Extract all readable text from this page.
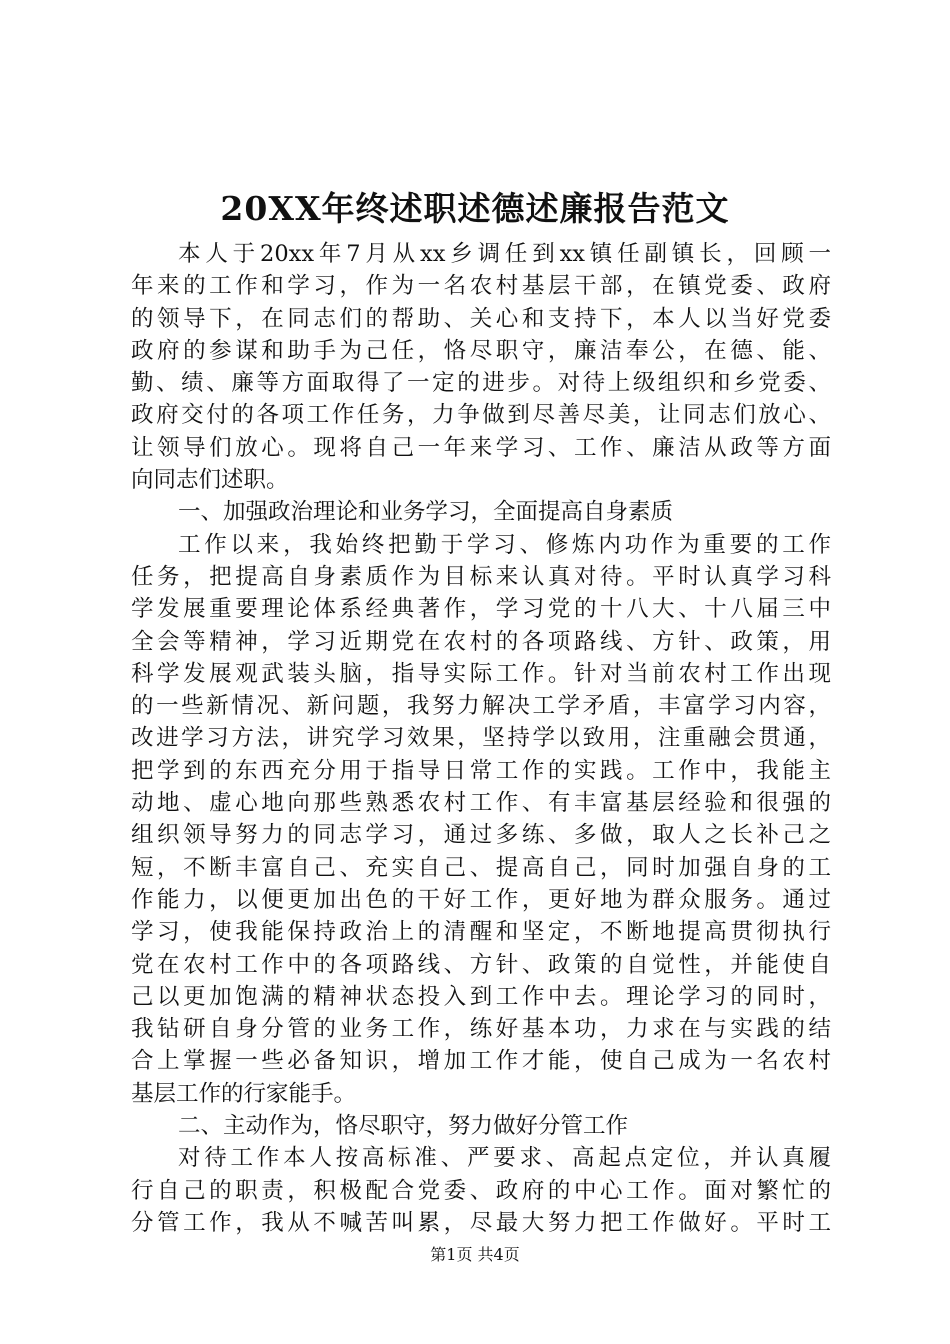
20XX年终述职述德述廉报告范文
本人于20xx年7月从xx乡调任到xx镇任副镇长，回顾一
年来的工作和学习，作为一名农村基层干部，在镇党委、政府
的领导下，在同志们的帮助、关心和支持下，本人以当好党委
政府的参谋和助手为己任，恪尽职守，廉洁奉公，在德、能、
勤、绩、廉等方面取得了一定的进步。对待上级组织和乡党委、
政府交付的各项工作任务，力争做到尽善尽美，让同志们放心、
让领导们放心。现将自己一年来学习、工作、廉洁从政等方面
向同志们述职。
一、加强政治理论和业务学习，全面提高自身素质
工作以来，我始终把勤于学习、修炼内功作为重要的工作
任务，把提高自身素质作为目标来认真对待。平时认真学习科
学发展重要理论体系经典著作，学习党的十八大、十八届三中
全会等精神，学习近期党在农村的各项路线、方针、政策，用
科学发展观武装头脑，指导实际工作。针对当前农村工作出现
的一些新情况、新问题，我努力解决工学矛盾，丰富学习内容，
改进学习方法，讲究学习效果，坚持学以致用，注重融会贯通，
把学到的东西充分用于指导日常工作的实践。工作中，我能主
动地、虚心地向那些熟悉农村工作、有丰富基层经验和很强的
组织领导努力的同志学习，通过多练、多做，取人之长补己之
短，不断丰富自己、充实自己、提高自己，同时加强自身的工
作能力，以便更加出色的干好工作，更好地为群众服务。通过
学习，使我能保持政治上的清醒和坚定，不断地提高贯彻执行
党在农村工作中的各项路线、方针、政策的自觉性，并能使自
己以更加饱满的精神状态投入到工作中去。理论学习的同时，
我钻研自身分管的业务工作，练好基本功，力求在与实践的结
合上掌握一些必备知识，增加工作才能，使自己成为一名农村
基层工作的行家能手。
二、主动作为，恪尽职守，努力做好分管工作
对待工作本人按高标准、严要求、高起点定位，并认真履
行自己的职责，积极配合党委、政府的中心工作。面对繁忙的
分管工作，我从不喊苦叫累，尽最大努力把工作做好。平时工
第1页 共4页
